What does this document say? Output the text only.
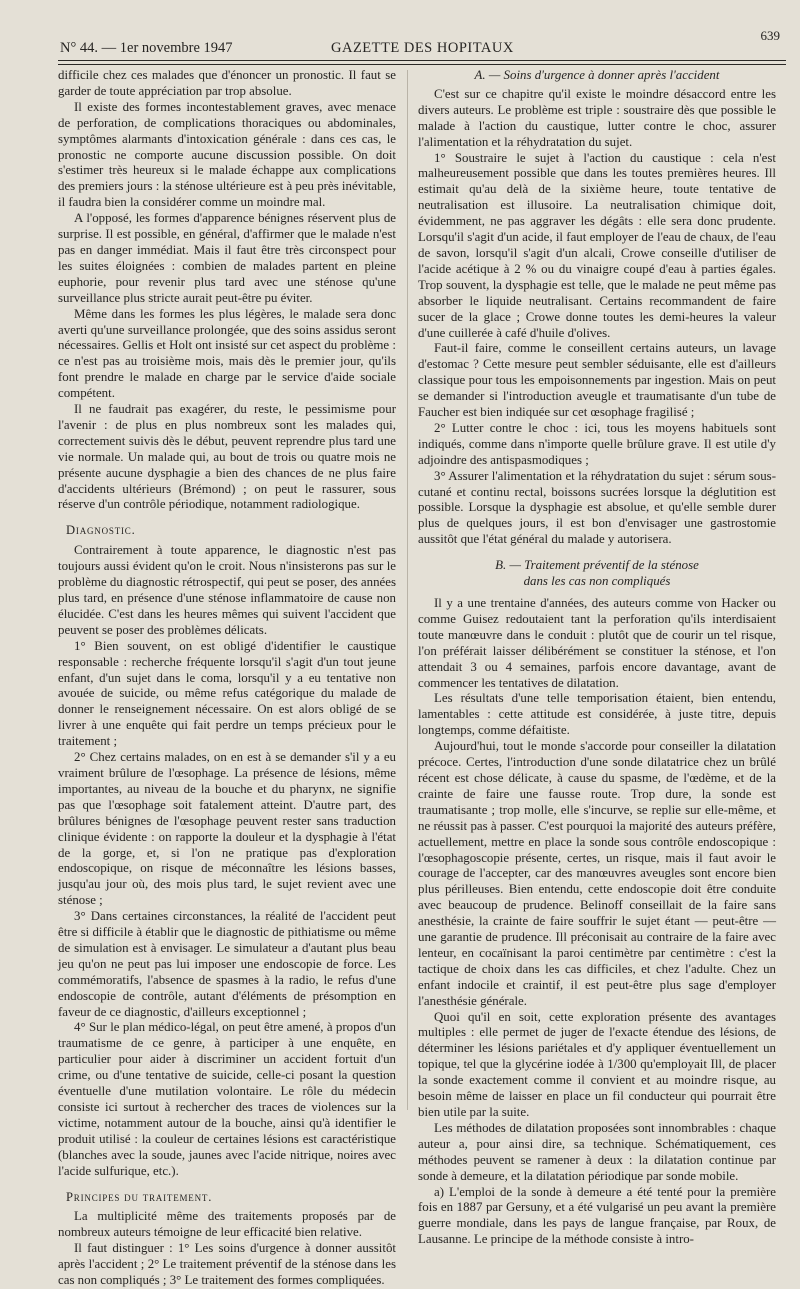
N° 44. — 1er novembre 1947	GAZETTE DES HOPITAUX
639

difficile chez ces malades que d'énoncer un pronostic. Il faut se garder de toute appréciation par trop absolue.

Il existe des formes incontestablement graves, avec menace de perforation, de complications thoraciques ou abdominales, symptômes alarmants d'intoxication générale : dans ces cas, le pronostic ne comporte aucune discussion possible. On doit s'estimer très heureux si le malade échappe aux complications des premiers jours : la sténose ultérieure est à peu près inévitable, il faudra bien la considérer comme un moindre mal.

A l'opposé, les formes d'apparence bénignes réservent plus de surprise. Il est possible, en général, d'affirmer que le malade n'est pas en danger immédiat. Mais il faut être très circonspect pour les suites éloignées : combien de malades partent en pleine euphorie, pour revenir plus tard avec une sténose qu'une surveillance plus stricte aurait peut-être pu éviter.

Même dans les formes les plus légères, le malade sera donc averti qu'une surveillance prolongée, que des soins assidus seront nécessaires. Gellis et Holt ont insisté sur cet aspect du problème : ce n'est pas au troisième mois, mais dès le premier jour, qu'ils font prendre le malade en charge par le service d'aide sociale compétent.

Il ne faudrait pas exagérer, du reste, le pessimisme pour l'avenir : de plus en plus nombreux sont les malades qui, correctement suivis dès le début, peuvent reprendre plus tard une vie normale. Un malade qui, au bout de trois ou quatre mois ne présente aucune dysphagie a bien des chances de ne plus faire d'accidents ultérieurs (Brémond) ; on peut le rassurer, sous réserve d'un contrôle périodique, notamment radiologique.

Diagnostic.

Contrairement à toute apparence, le diagnostic n'est pas toujours aussi évident qu'on le croit. Nous n'insisterons pas sur le problème du diagnostic rétrospectif, qui peut se poser, des années plus tard, en présence d'une sténose inflammatoire de cause non élucidée. C'est dans les heures mêmes qui suivent l'accident que peuvent se poser des problèmes délicats.

1° Bien souvent, on est obligé d'identifier le caustique responsable : recherche fréquente lorsqu'il s'agit d'un tout jeune enfant, d'un sujet dans le coma, lorsqu'il y a eu tentative non avouée de suicide, ou même refus catégorique du malade de donner le renseignement nécessaire. On est alors obligé de se livrer à une enquête qui fait perdre un temps précieux pour le traitement ;

2° Chez certains malades, on en est à se demander s'il y a eu vraiment brûlure de l'œsophage. La présence de lésions, même importantes, au niveau de la bouche et du pharynx, ne signifie pas que l'œsophage soit fatalement atteint. D'autre part, des brûlures bénignes de l'œsophage peuvent rester sans traduction clinique évidente : on rapporte la douleur et la dysphagie à l'état de la gorge, et, si l'on ne pratique pas d'exploration endoscopique, on risque de méconnaître les lésions basses, jusqu'au jour où, des mois plus tard, le sujet revient avec une sténose ;

3° Dans certaines circonstances, la réalité de l'accident peut être si difficile à établir que le diagnostic de pithiatisme ou même de simulation est à envisager. Le simulateur a d'autant plus beau jeu qu'on ne peut pas lui imposer une endoscopie de force. Les commémoratifs, l'absence de spasmes à la radio, le refus d'une endoscopie de contrôle, autant d'éléments de présomption en faveur de ce diagnostic, d'ailleurs exceptionnel ;

4° Sur le plan médico-légal, on peut être amené, à propos d'un traumatisme de ce genre, à participer à une enquête, en particulier pour aider à discriminer un accident fortuit d'un crime, ou d'une tentative de suicide, celle-ci posant la question éventuelle d'une mutilation volontaire. Le rôle du médecin consiste ici surtout à rechercher des traces de violences sur la victime, notamment autour de la bouche, ainsi qu'à identifier le produit utilisé : la couleur de certaines lésions est caractéristique (blanches avec la soude, jaunes avec l'acide nitrique, noires avec l'acide sulfurique, etc.).

Principes du traitement.

La multiplicité même des traitements proposés par de nombreux auteurs témoigne de leur efficacité bien relative.

Il faut distinguer : 1° Les soins d'urgence à donner aussitôt après l'accident ; 2° Le traitement préventif de la sténose dans les cas non compliqués ; 3° Le traitement des formes compliquées.

A. — Soins d'urgence à donner après l'accident

C'est sur ce chapitre qu'il existe le moindre désaccord entre les divers auteurs. Le problème est triple : soustraire dès que possible le malade à l'action du caustique, lutter contre le choc, assurer l'alimentation et la réhydratation du sujet.

1° Soustraire le sujet à l'action du caustique : cela n'est malheureusement possible que dans les toutes premières heures. Ill estimait qu'au delà de la sixième heure, toute tentative de neutralisation est illusoire. La neutralisation chimique doit, évidemment, ne pas aggraver les dégâts : elle sera donc prudente. Lorsqu'il s'agit d'un acide, il faut employer de l'eau de chaux, de l'eau de savon, lorsqu'il s'agit d'un alcali, Crowe conseille d'utiliser de l'acide acétique à 2 % ou du vinaigre coupé d'eau à parties égales. Trop souvent, la dysphagie est telle, que le malade ne peut même pas absorber le liquide neutralisant. Certains recommandent de faire sucer de la glace ; Crowe donne toutes les demi-heures la valeur d'une cuillerée à café d'huile d'olives.

Faut-il faire, comme le conseillent certains auteurs, un lavage d'estomac ? Cette mesure peut sembler séduisante, elle est d'ailleurs classique pour tous les empoisonnements par ingestion. Mais on peut se demander si l'introduction aveugle et traumatisante d'un tube de Faucher est bien indiquée sur cet œsophage fragilisé ;

2° Lutter contre le choc : ici, tous les moyens habituels sont indiqués, comme dans n'importe quelle brûlure grave. Il est utile d'y adjoindre des antispasmodiques ;

3° Assurer l'alimentation et la réhydratation du sujet : sérum sous-cutané et continu rectal, boissons sucrées lorsque la déglutition est possible. Lorsque la dysphagie est absolue, et qu'elle semble durer plus de quelques jours, il est bon d'envisager une gastrostomie aussitôt que l'état général du malade y autorisera.

B. — Traitement préventif de la sténose

dans les cas non compliqués

Il y a une trentaine d'années, des auteurs comme von Hacker ou comme Guisez redoutaient tant la perforation qu'ils interdisaient toute manœuvre dans le conduit : plutôt que de courir un tel risque, l'on préférait laisser délibérément se constituer la sténose, et l'on attendait 3 ou 4 semaines, parfois encore davantage, avant de commencer les tentatives de dilatation.

Les résultats d'une telle temporisation étaient, bien entendu, lamentables : cette attitude est considérée, à juste titre, depuis longtemps, comme défaitiste.

Aujourd'hui, tout le monde s'accorde pour conseiller la dilatation précoce. Certes, l'introduction d'une sonde dilatatrice chez un brûlé récent est chose délicate, à cause du spasme, de l'œdème, et de la crainte de faire une fausse route. Trop dure, la sonde est traumatisante ; trop molle, elle s'incurve, se replie sur elle-même, et ne réussit pas à passer. C'est pourquoi la majorité des auteurs préfère, actuellement, mettre en place la sonde sous contrôle endoscopique : l'œsophagoscopie présente, certes, un risque, mais il faut avoir le courage de l'accepter, car des manœuvres aveugles sont encore bien plus périlleuses. Bien entendu, cette endoscopie doit être conduite avec beaucoup de prudence. Belinoff conseillait de la faire sans anesthésie, la crainte de faire souffrir le sujet étant — peut-être — une garantie de prudence. Ill préconisait au contraire de la faire avec lenteur, en cocaïnisant la paroi centimètre par centimètre : c'est la tactique de choix dans les cas difficiles, et chez l'adulte. Chez un enfant indocile et craintif, il est peut-être plus sage d'employer l'anesthésie générale.

Quoi qu'il en soit, cette exploration présente des avantages multiples : elle permet de juger de l'exacte étendue des lésions, de déterminer les lésions pariétales et d'y appliquer éventuellement un topique, tel que la glycérine iodée à 1/300 qu'employait Ill, de placer la sonde exactement comme il convient et au moindre risque, au besoin même de laisser en place un fil conducteur qui pourrait être bien utile par la suite.

Les méthodes de dilatation proposées sont innombrables : chaque auteur a, pour ainsi dire, sa technique. Schématiquement, ces méthodes peuvent se ramener à deux : la dilatation continue par sonde à demeure, et la dilatation périodique par sonde mobile.

a) L'emploi de la sonde à demeure a été tenté pour la première fois en 1887 par Gersuny, et a été vulgarisé un peu avant la première guerre mondiale, dans les pays de langue française, par Roux, de Lausanne. Le principe de la méthode consiste à intro-
